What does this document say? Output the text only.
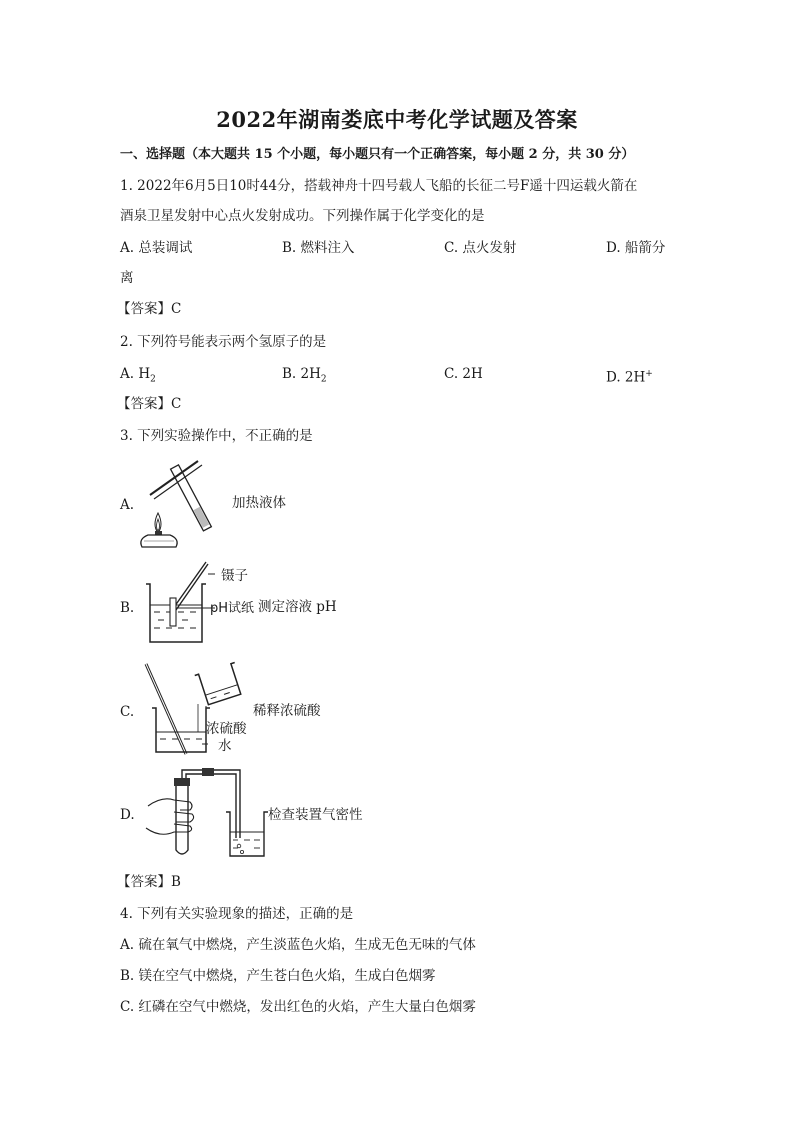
2022年湖南娄底中考化学试题及答案
一、选择题（本大题共 15 个小题，每小题只有一个正确答案，每小题 2 分，共 30 分）
1. 2022年6月5日10时44分，搭载神舟十四号载人飞船的长征二号F遥十四运载火箭在
酒泉卫星发射中心点火发射成功。下列操作属于化学变化的是
A. 总装调试	B. 燃料注入	C. 点火发射	D. 船箭分
离
【答案】C
2. 下列符号能表示两个氢原子的是
A. $H_2$	B. $2H_2$	C. 2H	D. 2H+
【答案】C
3. 下列实验操作中，不正确的是
A.	加热液体
B.
镊子
pH试纸 测定溶液 pH
C.	稀释浓硫酸
浓硫酸
水
D.	检查装置气密性
【答案】B
4. 下列有关实验现象的描述，正确的是
A. 硫在氧气中燃烧，产生淡蓝色火焰，生成无色无味的气体
B. 镁在空气中燃烧，产生苍白色火焰，生成白色烟雾
C. 红磷在空气中燃烧，发出红色的火焰，产生大量白色烟雾
